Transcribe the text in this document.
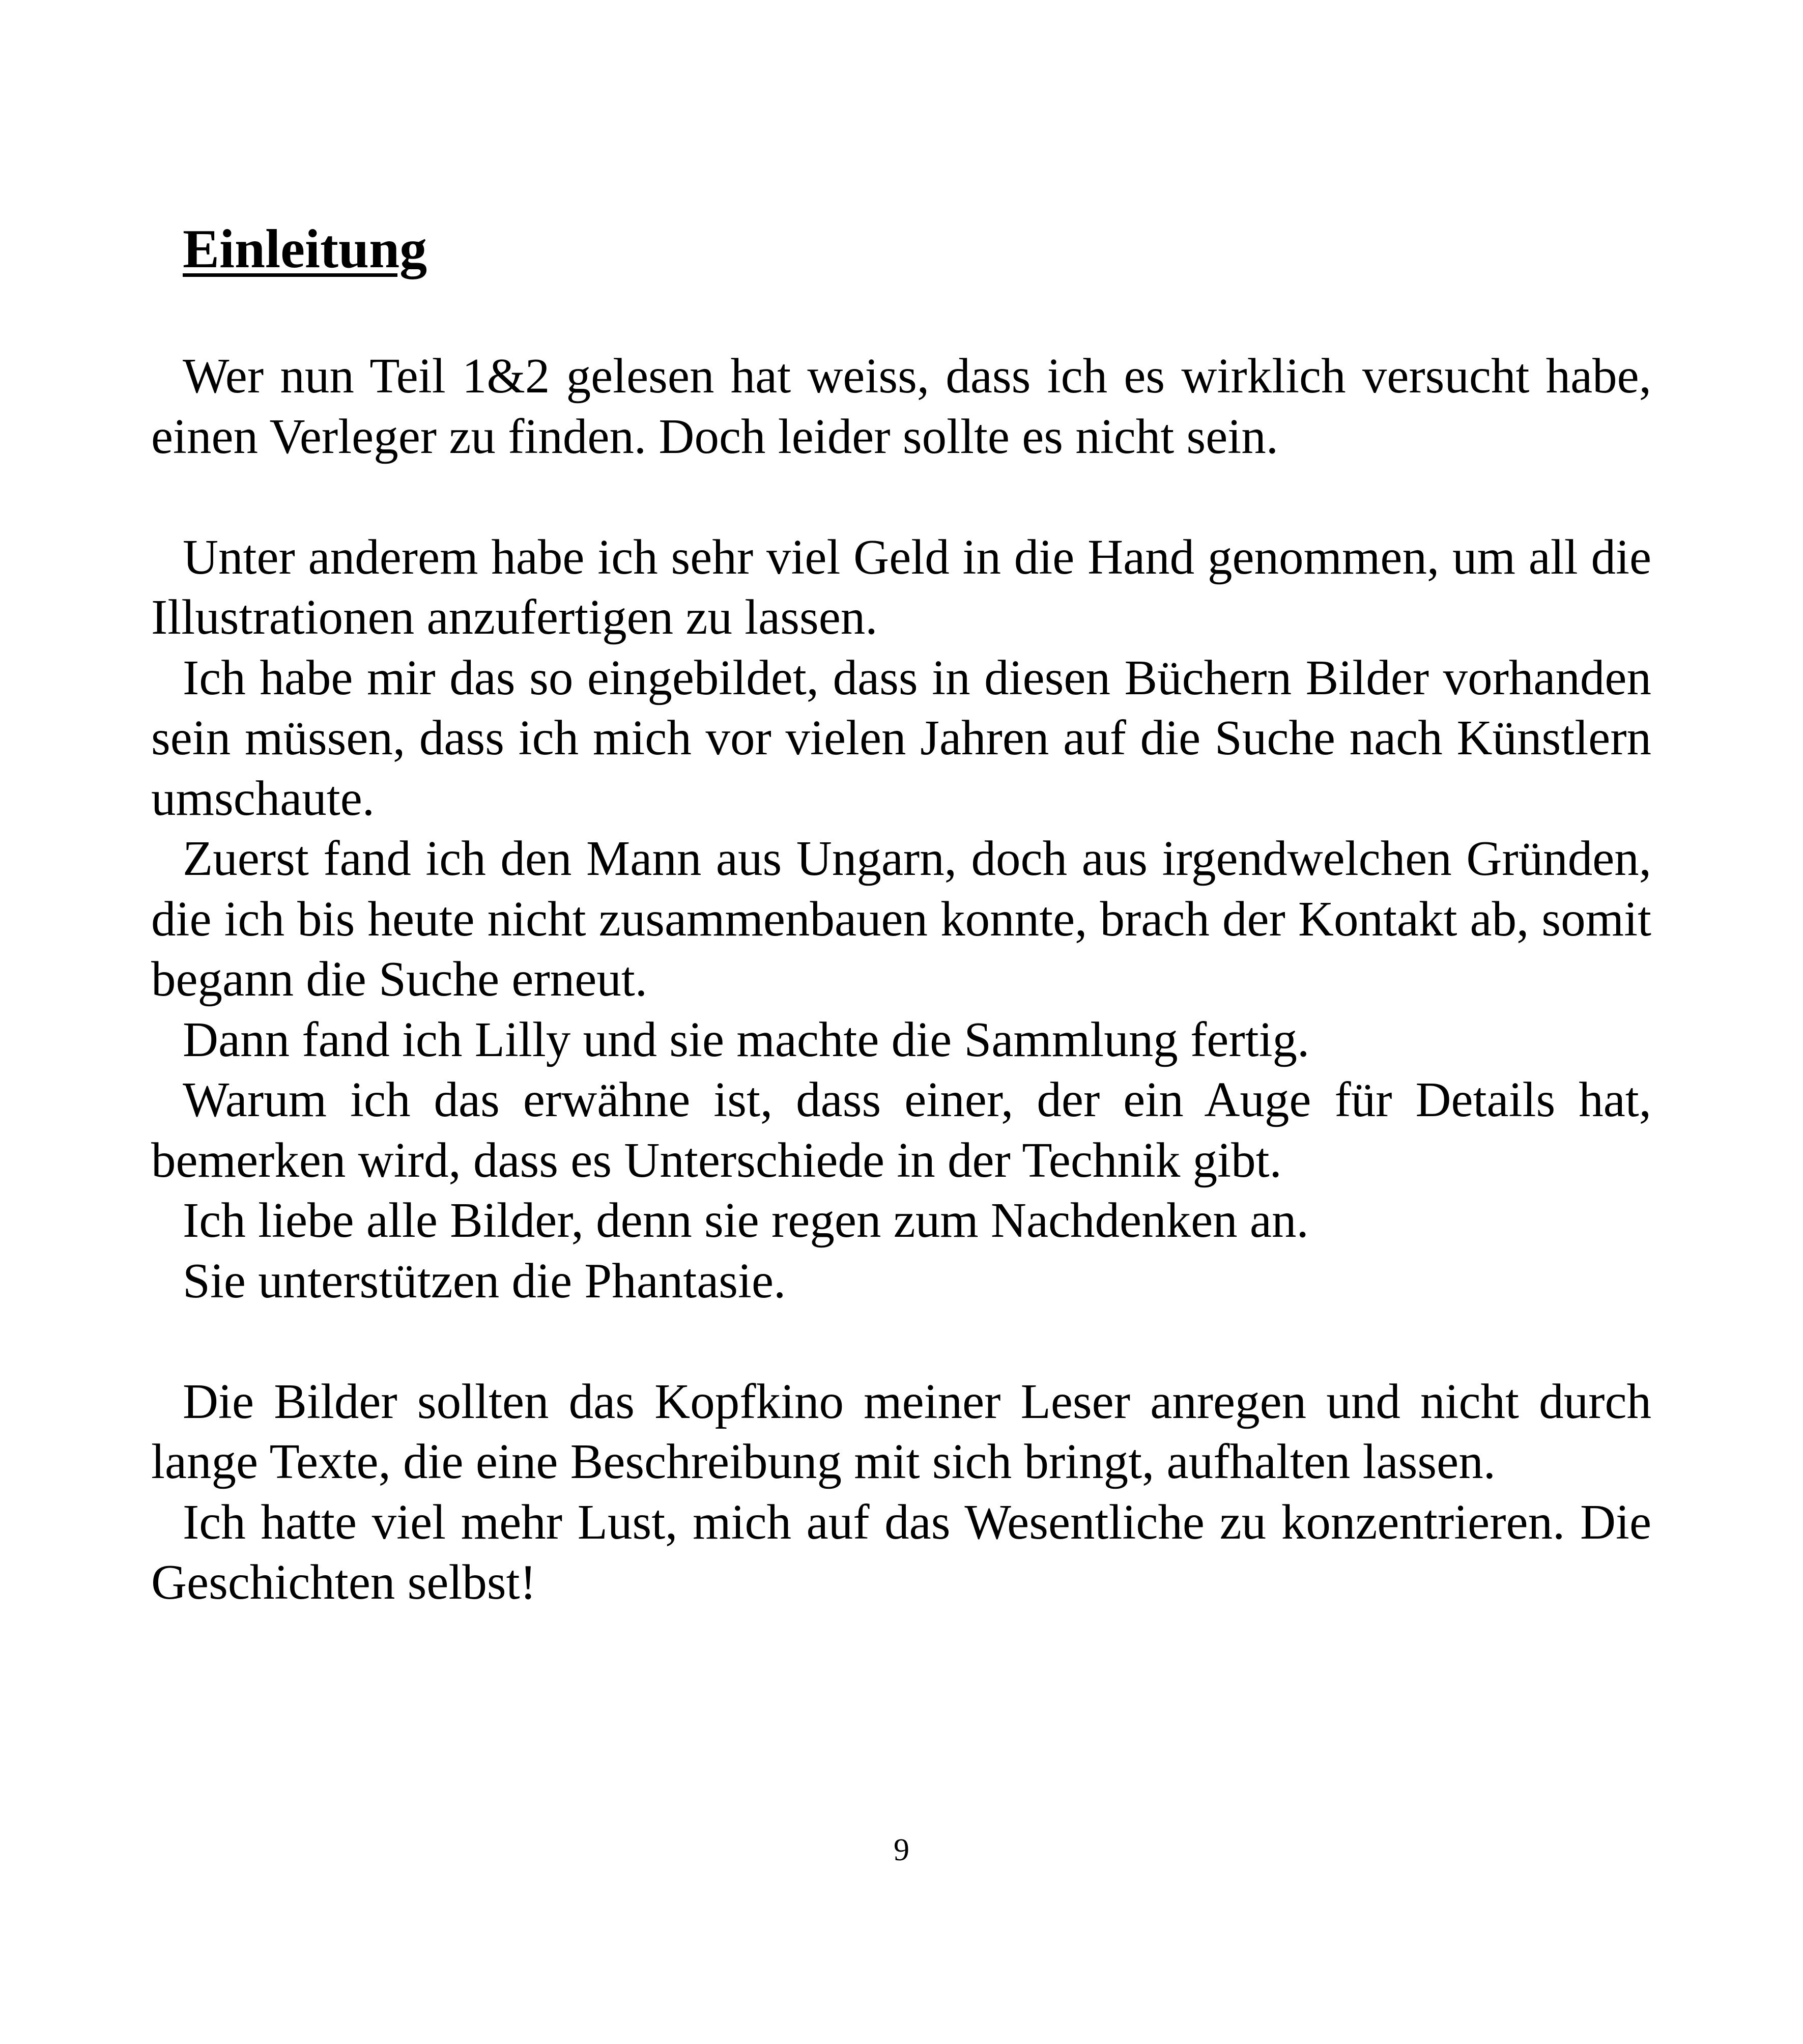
Einleitung

Wer nun Teil 1&2 gelesen hat weiss, dass ich es wirklich versucht habe, einen Verleger zu finden. Doch leider sollte es nicht sein.

Unter anderem habe ich sehr viel Geld in die Hand genommen, um all die Illustrationen anzufertigen zu lassen.

Ich habe mir das so eingebildet, dass in diesen Büchern Bilder vorhanden sein müssen, dass ich mich vor vielen Jahren auf die Suche nach Künstlern umschaute.

Zuerst fand ich den Mann aus Ungarn, doch aus irgendwelchen Gründen, die ich bis heute nicht zusammenbauen konnte, brach der Kontakt ab, somit begann die Suche erneut.

Dann fand ich Lilly und sie machte die Sammlung fertig.

Warum ich das erwähne ist, dass einer, der ein Auge für Details hat, bemerken wird, dass es Unterschiede in der Technik gibt.

Ich liebe alle Bilder, denn sie regen zum Nachdenken an.

Sie unterstützen die Phantasie.

Die Bilder sollten das Kopfkino meiner Leser anregen und nicht durch lange Texte, die eine Beschreibung mit sich bringt, aufhalten lassen.

Ich hatte viel mehr Lust, mich auf das Wesentliche zu konzentrieren. Die Geschichten selbst!

9
